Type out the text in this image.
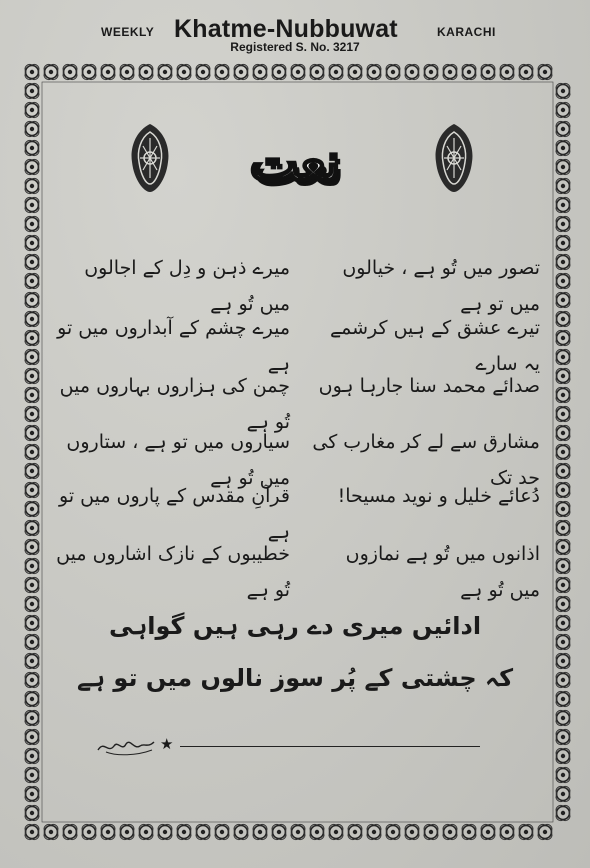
WEEKLY Khatme-Nubbuwat	KARACHI
Registered S. No. 3217
نعت
تصور میں تُو ہے ، خیالوں میں تو ہے
میرے ذہن و دِل کے اجالوں میں تُو ہے
تیرے عشق کے ہیں کرشمے یہ سارے
میرے چشم کے آبداروں میں تو ہے
صدائے محمد سنا جارہا ہوں
چمن کی ہزاروں بہاروں میں تُو ہے
مشارق سے لے کر مغارب کی حد تک
سیاروں میں تو ہے ، ستاروں میں تُو ہے
دُعائے خلیل و نوید مسیحا!
قرآنِ مقدس کے پاروں میں تو ہے
اذانوں میں تُو ہے نمازوں میں تُو ہے
خطیبوں کے نازک اشاروں میں تُو ہے
ادائیں میری دے رہی ہیں گواہی
کہ چشتی کے پُر سوز نالوں میں تو ہے
★
